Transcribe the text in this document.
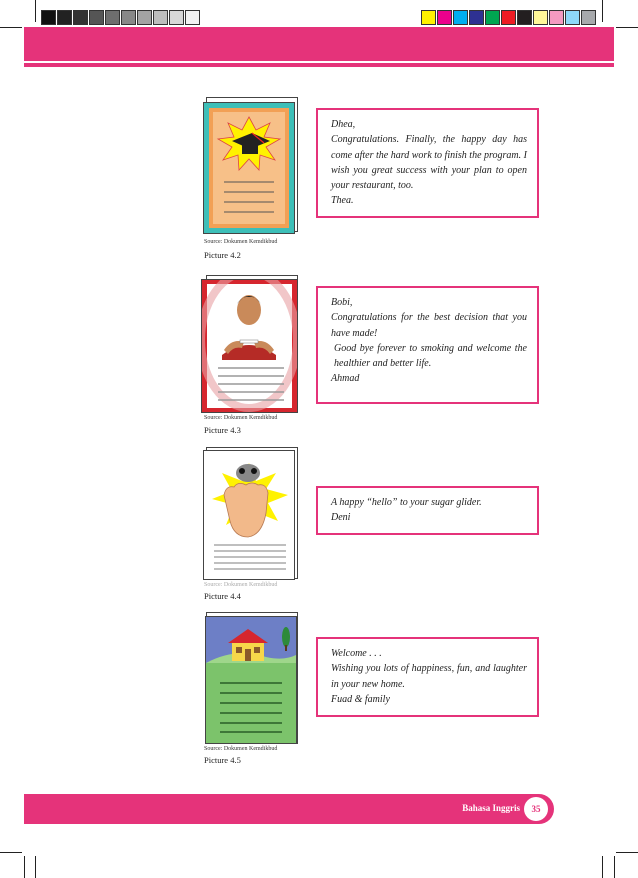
Source: Dokumen Kemdikbud
Picture 4.2

Dhea,

Congratulations. Finally, the happy day has come after the hard work to finish the program. I wish you great success with your plan to open your restaurant, too.

Thea.

Source: Dokumen Kemdikbud
Picture 4.3

Bobi,

Congratulations for the best decision that you have made!

Good bye forever to smoking and welcome the healthier and better life.

Ahmad

Source: Dokumen Kemdikbud
Picture 4.4

A happy “hello” to your sugar glider.

Deni

Source: Dokumen Kemdikbud
Picture 4.5

Welcome . . .

Wishing you lots of happiness, fun, and laughter in your new home.

Fuad & family

Bahasa Inggris	35
